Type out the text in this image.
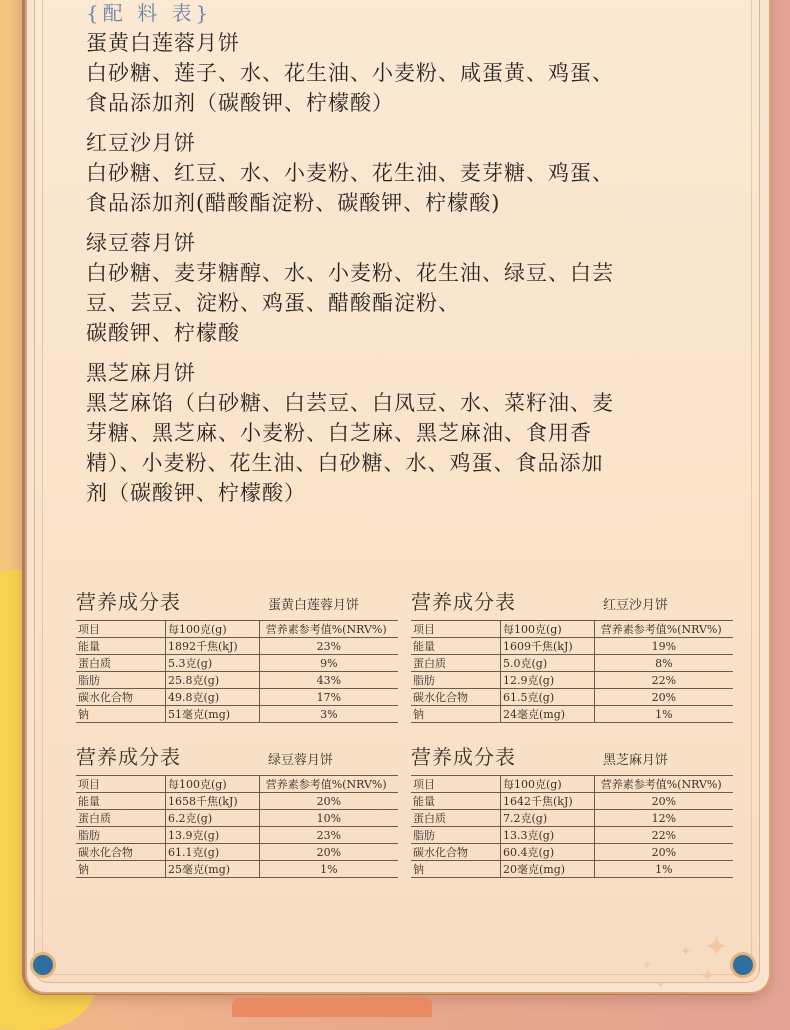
✦
✦
✦
✦
✦
{配 料 表}
蛋黄白莲蓉月饼
白砂糖、莲子、水、花生油、小麦粉、咸蛋黄、鸡蛋、
食品添加剂（碳酸钾、柠檬酸）
红豆沙月饼
白砂糖、红豆、水、小麦粉、花生油、麦芽糖、鸡蛋、
食品添加剂(醋酸酯淀粉、碳酸钾、柠檬酸)
绿豆蓉月饼
白砂糖、麦芽糖醇、水、小麦粉、花生油、绿豆、白芸
豆、芸豆、淀粉、鸡蛋、醋酸酯淀粉、
碳酸钾、柠檬酸
黑芝麻月饼
黑芝麻馅（白砂糖、白芸豆、白凤豆、水、菜籽油、麦
芽糖、黑芝麻、小麦粉、白芝麻、黑芝麻油、食用香
精）、小麦粉、花生油、白砂糖、水、鸡蛋、食品添加
剂（碳酸钾、柠檬酸）
营养成分表	蛋黄白莲蓉月饼
项目	每100克(g)	营养素参考值%(NRV%)
能量	1892千焦(kJ)	23%
蛋白质	5.3克(g)	9%
脂肪	25.8克(g)	43%
碳水化合物	49.8克(g)	17%
钠	51毫克(mg)	3%
营养成分表	红豆沙月饼
项目	每100克(g)	营养素参考值%(NRV%)
能量	1609千焦(kJ)	19%
蛋白质	5.0克(g)	8%
脂肪	12.9克(g)	22%
碳水化合物	61.5克(g)	20%
钠	24毫克(mg)	1%
营养成分表	绿豆蓉月饼
项目	每100克(g)	营养素参考值%(NRV%)
能量	1658千焦(kJ)	20%
蛋白质	6.2克(g)	10%
脂肪	13.9克(g)	23%
碳水化合物	61.1克(g)	20%
钠	25毫克(mg)	1%
营养成分表	黑芝麻月饼
项目	每100克(g)	营养素参考值%(NRV%)
能量	1642千焦(kJ)	20%
蛋白质	7.2克(g)	12%
脂肪	13.3克(g)	22%
碳水化合物	60.4克(g)	20%
钠	20毫克(mg)	1%
